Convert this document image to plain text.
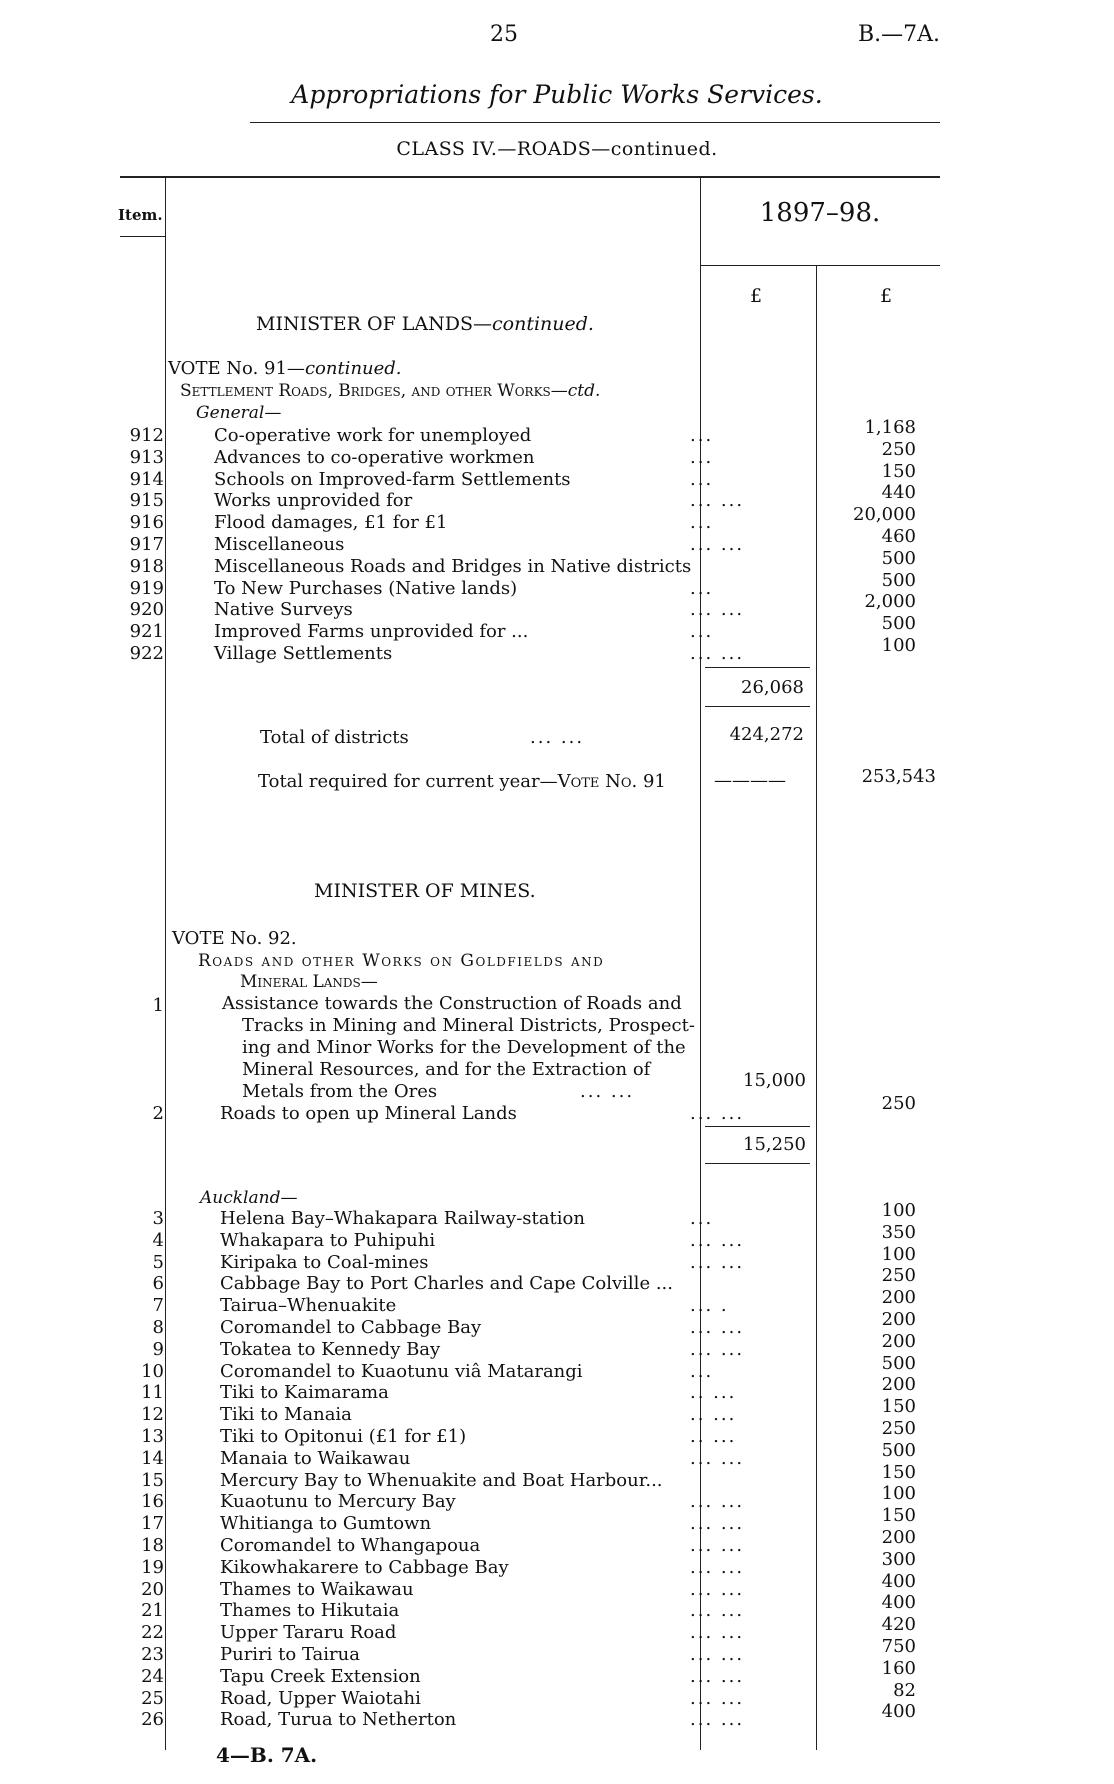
25	B.—7A.
Appropriations for Public Works Services.
CLASS IV.—ROADS—continued.
Item.	1897–98.
£	£
MINISTER OF LANDS—continued.
VOTE No. 91—continued.
Settlement Roads, Bridges, and other Works—ctd.
General—
912	Co-operative work for unemployed	...	1,168
913	Advances to co-operative workmen	...	250
914	Schools on Improved-farm Settlements	...	150
915	Works unprovided for	... ...	440
916	Flood damages, £1 for £1	...	20,000
917	Miscellaneous	... ...	460
918	Miscellaneous Roads and Bridges in Native districts	500
919	To New Purchases (Native lands)	...	500
920	Native Surveys	... ...	2,000
921	Improved Farms unprovided for ...	...	500
922	Village Settlements	... ...	100
26,068
Total of districts	... ...	424,272
Total required for current year—Vote No. 91	————	253,543
MINISTER OF MINES.
VOTE No. 92.
Roads and other Works on Goldfields and
Mineral Lands—
1	Assistance towards the Construction of Roads and
Tracks in Mining and Mineral Districts, Prospect-
ing and Minor Works for the Development of the
Mineral Resources, and for the Extraction of
Metals from the Ores	... ...
15,000
2	Roads to open up Mineral Lands	... ...	250
15,250
Auckland—
3	Helena Bay–Whakapara Railway-station	...	100
4	Whakapara to Puhipuhi	... ...	350
5	Kiripaka to Coal-mines	... ...	100
6	Cabbage Bay to Port Charles and Cape Colville ...	250
7	Tairua–Whenuakite	... .	200
8	Coromandel to Cabbage Bay	... ...	200
9	Tokatea to Kennedy Bay	... ...	200
10	Coromandel to Kuaotunu viâ Matarangi	...	500
11	Tiki to Kaimarama	.. ...	200
12	Tiki to Manaia	.. ...	150
13	Tiki to Opitonui (£1 for £1)	.. ...	250
14	Manaia to Waikawau	... ...	500
15	Mercury Bay to Whenuakite and Boat Harbour...	150
16	Kuaotunu to Mercury Bay	... ...	100
17	Whitianga to Gumtown	... ...	150
18	Coromandel to Whangapoua	... ...	200
19	Kikowhakarere to Cabbage Bay	... ...	300
20	Thames to Waikawau	... ...	400
21	Thames to Hikutaia	... ...	400
22	Upper Tararu Road	... ...	420
23	Puriri to Tairua	... ...	750
24	Tapu Creek Extension	... ...	160
25	Road, Upper Waiotahi	... ...	82
26	Road, Turua to Netherton	... ...	400
4—B. 7A.
